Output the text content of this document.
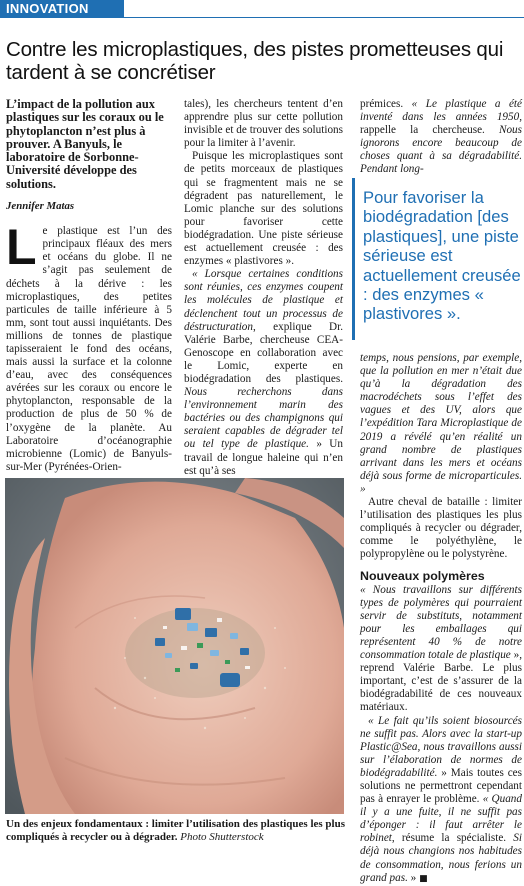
INNOVATION
Contre les microplastiques, des pistes prometteuses qui tardent à se concrétiser

L’impact de la pollution aux plastiques sur les coraux ou le phytoplancton n’est plus à prouver. A Banyuls, le laboratoire de Sorbonne-Université développe des solutions.

Jennifer Matas

Le plastique est l’un des principaux fléaux des mers et océans du globe. Il ne s’agit pas seulement de déchets à la dérive : les microplastiques, des petites particules de taille inférieure à 5 mm, sont tout aussi inquiétants. Des millions de tonnes de plastique tapisseraient le fond des océans, mais aussi la surface et la colonne d’eau, avec des conséquences avérées sur les coraux ou encore le phytoplancton, responsable de la production de plus de 50 % de l’oxygène de la planète. Au Laboratoire d’océanographie microbienne (Lomic) de Banyuls-sur-Mer (Pyrénées-Orien-

tales), les chercheurs tentent d’en apprendre plus sur cette pollution invisible et de trouver des solutions pour la limiter à l’avenir.

Puisque les microplastiques sont de petits morceaux de plastiques qui se fragmentent mais ne se dégradent pas naturellement, le Lomic planche sur des solutions pour favoriser cette biodégradation. Une piste sérieuse est actuellement creusée : des enzymes « plastivores ».

« Lorsque certaines conditions sont réunies, ces enzymes coupent les molécules de plastique et déclenchent tout un processus de déstructuration, explique Dr. Valérie Barbe, chercheuse CEA-Genoscope en collaboration avec le Lomic, experte en biodégradation des plastiques. Nous recherchons dans l’environnement marin des bactéries ou des champignons qui seraient capables de dégrader tel ou tel type de plastique. » Un travail de longue haleine qui n’en est qu’à ses

prémices. « Le plastique a été inventé dans les années 1950, rappelle la chercheuse. Nous ignorons encore beaucoup de choses quant à sa dégradabilité. Pendant long-

Pour favoriser la biodégradation [des plastiques], une piste sérieuse est actuellement creusée : des enzymes « plastivores ».

temps, nous pensions, par exemple, que la pollution en mer n’était due qu’à la dégradation des macrodéchets sous l’effet des vagues et des UV, alors que l’expédition Tara Microplastique de 2019 a révélé qu’en réalité un grand nombre de plastiques arrivant dans les mers et océans déjà sous forme de microparticules. »

Autre cheval de bataille : limiter l’utilisation des plastiques les plus compliqués à recycler ou dégrader, comme le polyéthylène, le polypropylène ou le polystyrène.

Nouveaux polymères

« Nous travaillons sur différents types de polymères qui pourraient servir de substituts, notamment pour les emballages qui représentent 40 % de notre consommation totale de plastique », reprend Valérie Barbe. Le plus important, c’est de s’assurer de la biodégradabilité de ces nouveaux matériaux.

« Le fait qu’ils soient biosourcés ne suffit pas. Alors avec la start-up Plastic@Sea, nous travaillons aussi sur l’élaboration de normes de biodégradabilité. » Mais toutes ces solutions ne permettront cependant pas à enrayer le problème. « Quand il y a une fuite, il ne suffit pas d’éponger : il faut arrêter le robinet, résume la spécialiste. Si déjà nous changions nos habitudes de consommation, nous ferions un grand pas. » ■

Un des enjeux fondamentaux : limiter l’utilisation des plastiques les plus compliqués à recycler ou à dégrader. Photo Shutterstock
